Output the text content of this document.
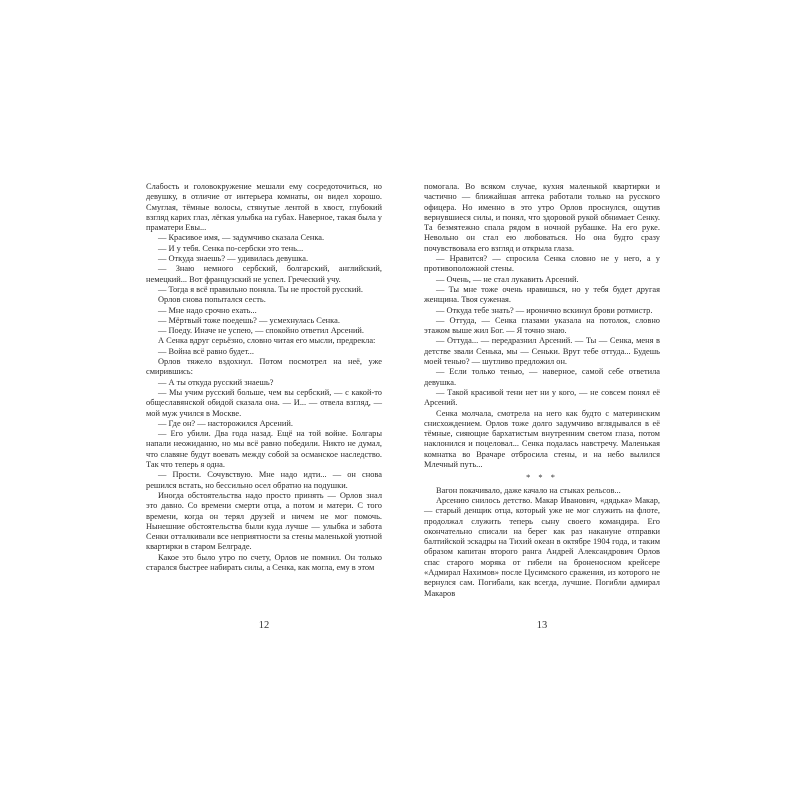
Слабость и головокружение мешали ему сосредоточиться, но девушку, в отличие от интерьера комнаты, он видел хорошо. Смуглая, тёмные волосы, стянутые лентой в хвост, глубокий взгляд карих глаз, лёгкая улыбка на губах. Наверное, такая была у праматери Евы...

— Красивое имя, — задумчиво сказала Сенка.

— И у тебя. Сенка по-сербски это тень...

— Откуда знаешь? — удивилась девушка.

— Знаю немного сербский, болгарский, английский, немецкий... Вот французский не успел. Греческий учу.

— Тогда я всё правильно поняла. Ты не простой русский.

Орлов снова попытался сесть.

— Мне надо срочно ехать...

— Мёртвый тоже поедешь? — усмехнулась Сенка.

— Поеду. Иначе не успею, — спокойно ответил Арсений.

А Сенка вдруг серьёзно, словно читая его мысли, предрекла:

— Война всё равно будет...

Орлов тяжело вздохнул. Потом посмотрел на неё, уже смирившись:

— А ты откуда русский знаешь?

— Мы учим русский больше, чем вы сербский, — с какой-то общеславянской обидой сказала она. — И... — отвела взгляд, — мой муж учился в Москве.

— Где он? — насторожился Арсений.

— Его убили. Два года назад. Ещё на той войне. Болгары напали неожиданно, но мы всё равно победили. Никто не думал, что славяне будут воевать между собой за османское наследство. Так что теперь я одна.

— Прости. Сочувствую. Мне надо идти... — он снова решился встать, но бессильно осел обратно на подушки.

Иногда обстоятельства надо просто принять — Орлов знал это давно. Со времени смерти отца, а потом и матери. С того времени, когда он терял друзей и ничем не мог помочь. Нынешние обстоятельства были куда лучше — улыбка и забота Сенки отталкивали все неприятности за стены маленькой уютной квартирки в старом Белграде.

Какое это было утро по счету, Орлов не помнил. Он только старался быстрее набирать силы, а Сенка, как могла, ему в этом

12

помогала. Во всяком случае, кухня маленькой квартирки и частично — ближайшая аптека работали только на русского офицера. Но именно в это утро Орлов проснулся, ощутив вернувшиеся силы, и понял, что здоровой рукой обнимает Сенку. Та безмятежно спала рядом в ночной рубашке. На его руке. Невольно он стал ею любоваться. Но она будто сразу почувствовала его взгляд и открыла глаза.

— Нравится? — спросила Сенка словно не у него, а у противоположной стены.

— Очень, — не стал лукавить Арсений.

— Ты мне тоже очень нравишься, но у тебя будет другая женщина. Твоя суженая.

— Откуда тебе знать? — иронично вскинул брови ротмистр.

— Оттуда, — Сенка глазами указала на потолок, словно этажом выше жил Бог. — Я точно знаю.

— Оттуда... — передразнил Арсений. — Ты — Сенка, меня в детстве звали Сенька, мы — Сеньки. Врут тебе оттуда... Будешь моей тенью? — шутливо предложил он.

— Если только тенью, — наверное, самой себе ответила девушка.

— Такой красивой тени нет ни у кого, — не совсем понял её Арсений.

Сенка молчала, смотрела на него как будто с материнским снисхождением. Орлов тоже долго задумчиво вглядывался в её тёмные, сияющие бархатистым внутренним светом глаза, потом наклонился и поцеловал... Сенка подалась навстречу. Маленькая комнатка во Врачаре отбросила стены, и на небо вылился Млечный путь...

* * *

Вагон покачивало, даже качало на стыках рельсов...

Арсению снилось детство. Макар Иванович, «дядька» Макар, — старый денщик отца, который уже не мог служить на флоте, продолжал служить теперь сыну своего командира. Его окончательно списали на берег как раз накануне отправки балтийской эскадры на Тихий океан в октябре 1904 года, и таким образом капитан второго ранга Андрей Александрович Орлов спас старого моряка от гибели на броненосном крейсере «Адмирал Нахимов» после Цусимского сражения, из которого не вернулся сам. Погибали, как всегда, лучшие. Погибли адмирал Макаров

13
